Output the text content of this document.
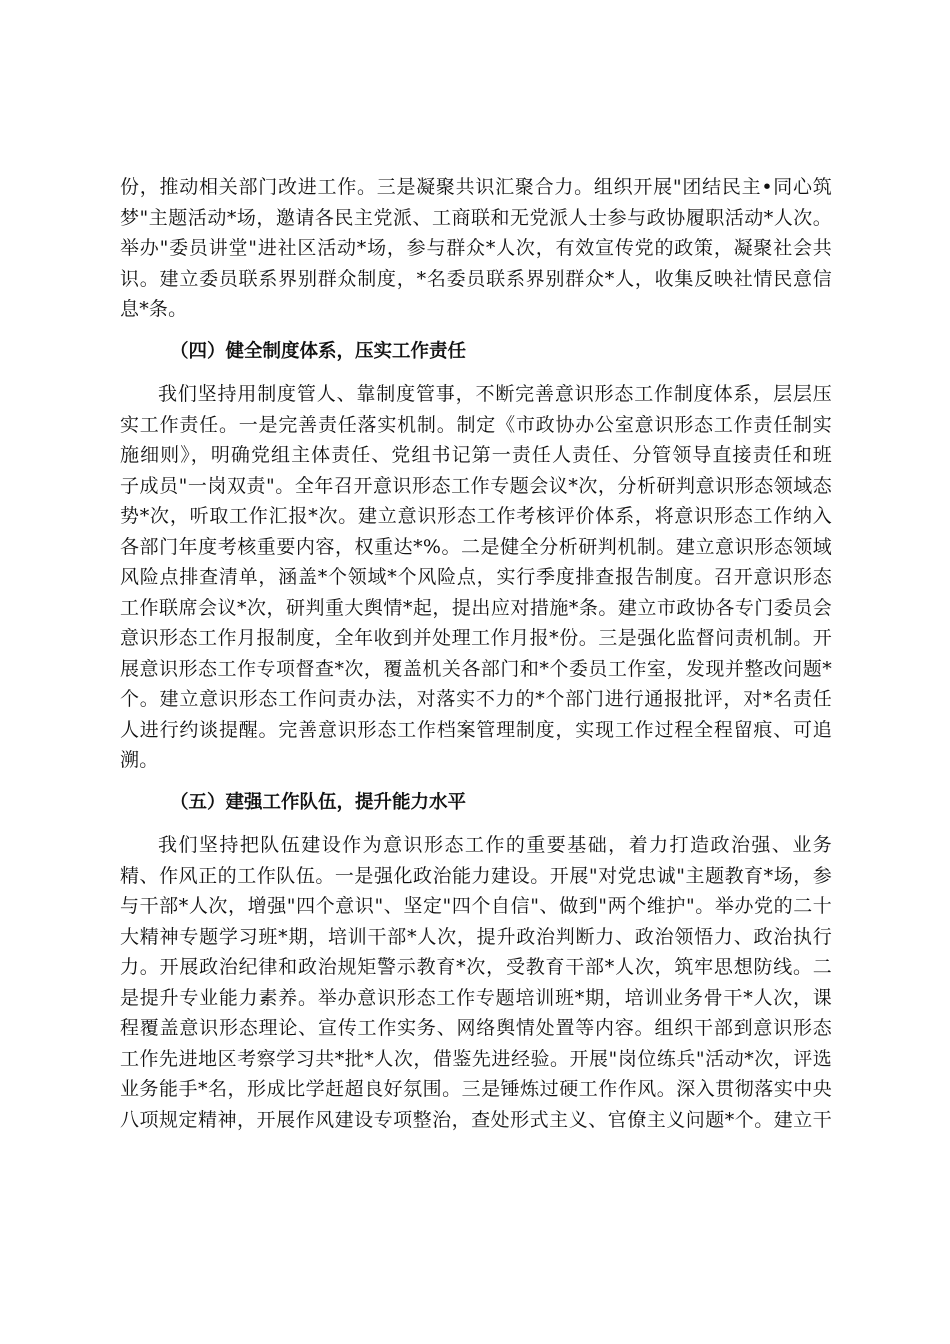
份，推动相关部门改进工作。三是凝聚共识汇聚合力。组织开展"团结民主•同心筑
梦"主题活动*场，邀请各民主党派、工商联和无党派人士参与政协履职活动*人次。
举办"委员讲堂"进社区活动*场，参与群众*人次，有效宣传党的政策，凝聚社会共
识。建立委员联系界别群众制度，*名委员联系界别群众*人，收集反映社情民意信
息*条。
（四）健全制度体系，压实工作责任
我们坚持用制度管人、靠制度管事，不断完善意识形态工作制度体系，层层压
实工作责任。一是完善责任落实机制。制定《市政协办公室意识形态工作责任制实
施细则》，明确党组主体责任、党组书记第一责任人责任、分管领导直接责任和班
子成员"一岗双责"。全年召开意识形态工作专题会议*次，分析研判意识形态领域态
势*次，听取工作汇报*次。建立意识形态工作考核评价体系，将意识形态工作纳入
各部门年度考核重要内容，权重达*%。二是健全分析研判机制。建立意识形态领域
风险点排查清单，涵盖*个领域*个风险点，实行季度排查报告制度。召开意识形态
工作联席会议*次，研判重大舆情*起，提出应对措施*条。建立市政协各专门委员会
意识形态工作月报制度，全年收到并处理工作月报*份。三是强化监督问责机制。开
展意识形态工作专项督查*次，覆盖机关各部门和*个委员工作室，发现并整改问题*
个。建立意识形态工作问责办法，对落实不力的*个部门进行通报批评，对*名责任
人进行约谈提醒。完善意识形态工作档案管理制度，实现工作过程全程留痕、可追
溯。
（五）建强工作队伍，提升能力水平
我们坚持把队伍建设作为意识形态工作的重要基础，着力打造政治强、业务
精、作风正的工作队伍。一是强化政治能力建设。开展"对党忠诚"主题教育*场，参
与干部*人次，增强"四个意识"、坚定"四个自信"、做到"两个维护"。举办党的二十
大精神专题学习班*期，培训干部*人次，提升政治判断力、政治领悟力、政治执行
力。开展政治纪律和政治规矩警示教育*次，受教育干部*人次，筑牢思想防线。二
是提升专业能力素养。举办意识形态工作专题培训班*期，培训业务骨干*人次，课
程覆盖意识形态理论、宣传工作实务、网络舆情处置等内容。组织干部到意识形态
工作先进地区考察学习共*批*人次，借鉴先进经验。开展"岗位练兵"活动*次，评选
业务能手*名，形成比学赶超良好氛围。三是锤炼过硬工作作风。深入贯彻落实中央
八项规定精神，开展作风建设专项整治，查处形式主义、官僚主义问题*个。建立干
